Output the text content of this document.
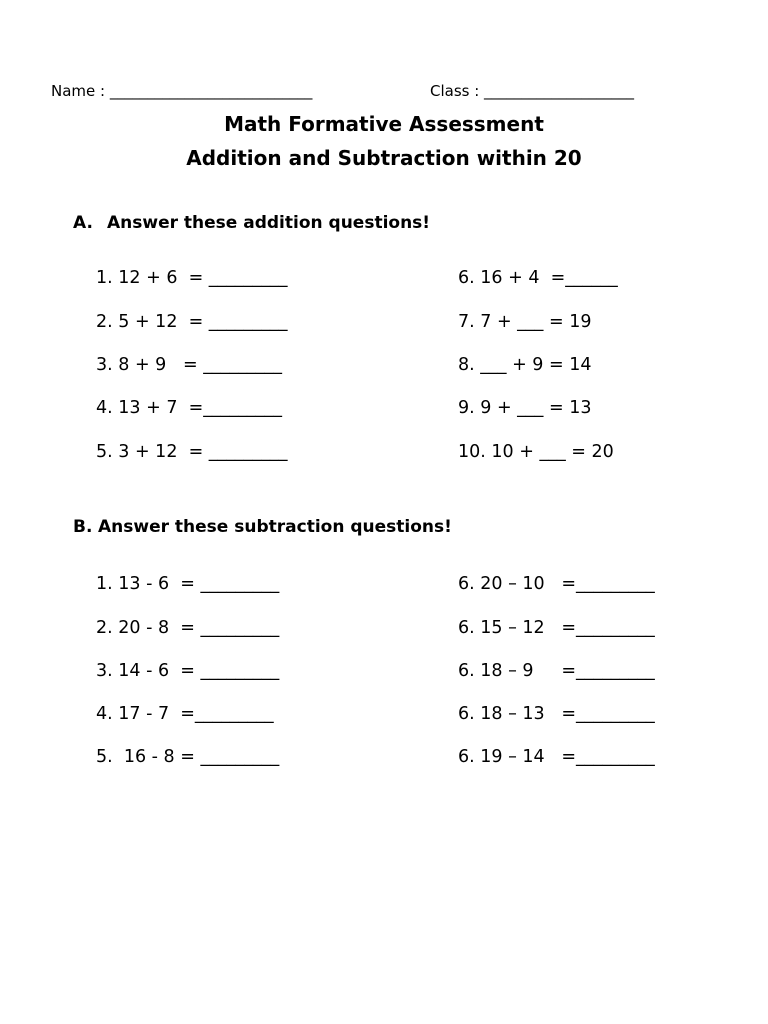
Name : ___________________________	Class : ____________________
Math Formative Assessment
Addition and Subtraction within 20
A. Answer these addition questions!
1. 12 + 6  = _________
2. 5 + 12  = _________
3. 8 + 9   = _________
4. 13 + 7  =_________
5. 3 + 12  = _________
6. 16 + 4  =______
7. 7 + ___ = 19
8. ___ + 9 = 14
9. 9 + ___ = 13
10. 10 + ___ = 20
B. Answer these subtraction questions!
1. 13 - 6  = _________
2. 20 - 8  = _________
3. 14 - 6  = _________
4. 17 - 7  =_________
5.  16 - 8 = _________
6. 20 – 10   =_________
6. 15 – 12   =_________
6. 18 – 9     =_________
6. 18 – 13   =_________
6. 19 – 14   =_________
